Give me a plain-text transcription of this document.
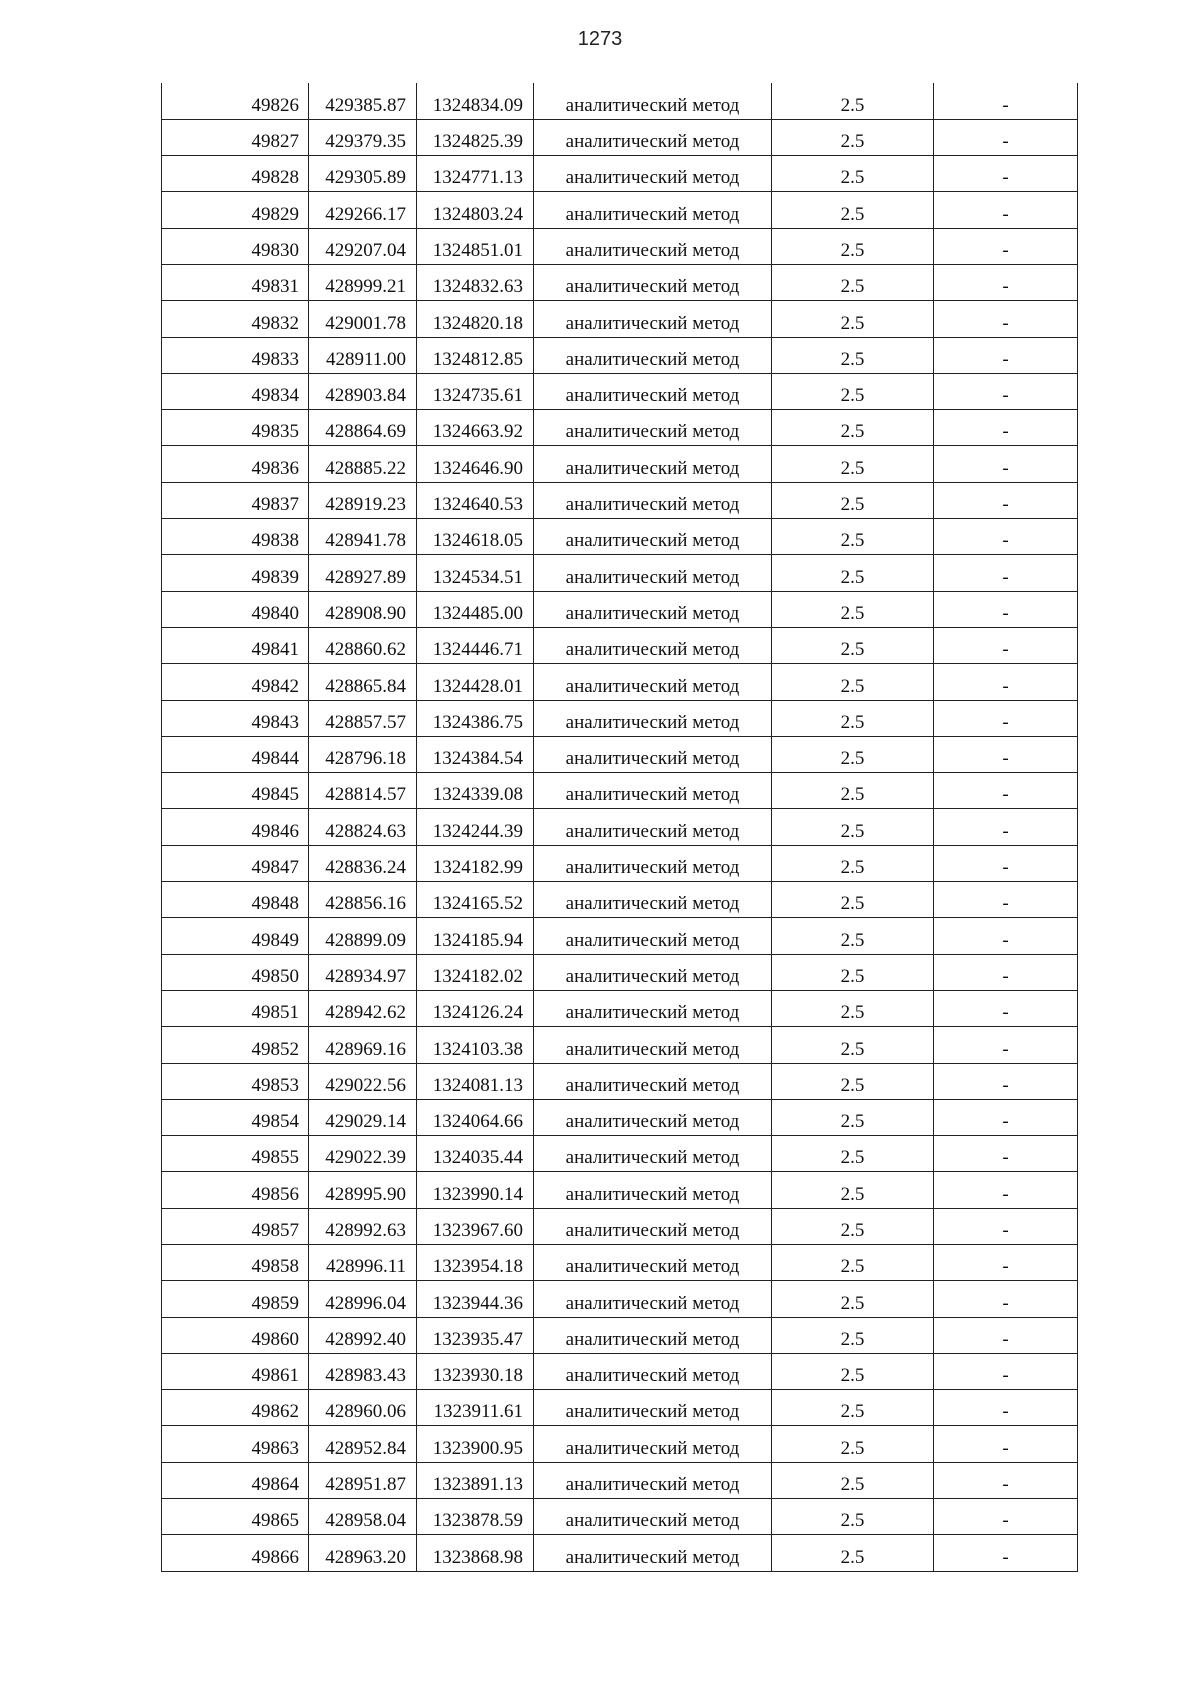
1273
49826	429385.87	1324834.09	аналитический метод	2.5	-
49827	429379.35	1324825.39	аналитический метод	2.5	-
49828	429305.89	1324771.13	аналитический метод	2.5	-
49829	429266.17	1324803.24	аналитический метод	2.5	-
49830	429207.04	1324851.01	аналитический метод	2.5	-
49831	428999.21	1324832.63	аналитический метод	2.5	-
49832	429001.78	1324820.18	аналитический метод	2.5	-
49833	428911.00	1324812.85	аналитический метод	2.5	-
49834	428903.84	1324735.61	аналитический метод	2.5	-
49835	428864.69	1324663.92	аналитический метод	2.5	-
49836	428885.22	1324646.90	аналитический метод	2.5	-
49837	428919.23	1324640.53	аналитический метод	2.5	-
49838	428941.78	1324618.05	аналитический метод	2.5	-
49839	428927.89	1324534.51	аналитический метод	2.5	-
49840	428908.90	1324485.00	аналитический метод	2.5	-
49841	428860.62	1324446.71	аналитический метод	2.5	-
49842	428865.84	1324428.01	аналитический метод	2.5	-
49843	428857.57	1324386.75	аналитический метод	2.5	-
49844	428796.18	1324384.54	аналитический метод	2.5	-
49845	428814.57	1324339.08	аналитический метод	2.5	-
49846	428824.63	1324244.39	аналитический метод	2.5	-
49847	428836.24	1324182.99	аналитический метод	2.5	-
49848	428856.16	1324165.52	аналитический метод	2.5	-
49849	428899.09	1324185.94	аналитический метод	2.5	-
49850	428934.97	1324182.02	аналитический метод	2.5	-
49851	428942.62	1324126.24	аналитический метод	2.5	-
49852	428969.16	1324103.38	аналитический метод	2.5	-
49853	429022.56	1324081.13	аналитический метод	2.5	-
49854	429029.14	1324064.66	аналитический метод	2.5	-
49855	429022.39	1324035.44	аналитический метод	2.5	-
49856	428995.90	1323990.14	аналитический метод	2.5	-
49857	428992.63	1323967.60	аналитический метод	2.5	-
49858	428996.11	1323954.18	аналитический метод	2.5	-
49859	428996.04	1323944.36	аналитический метод	2.5	-
49860	428992.40	1323935.47	аналитический метод	2.5	-
49861	428983.43	1323930.18	аналитический метод	2.5	-
49862	428960.06	1323911.61	аналитический метод	2.5	-
49863	428952.84	1323900.95	аналитический метод	2.5	-
49864	428951.87	1323891.13	аналитический метод	2.5	-
49865	428958.04	1323878.59	аналитический метод	2.5	-
49866	428963.20	1323868.98	аналитический метод	2.5	-
